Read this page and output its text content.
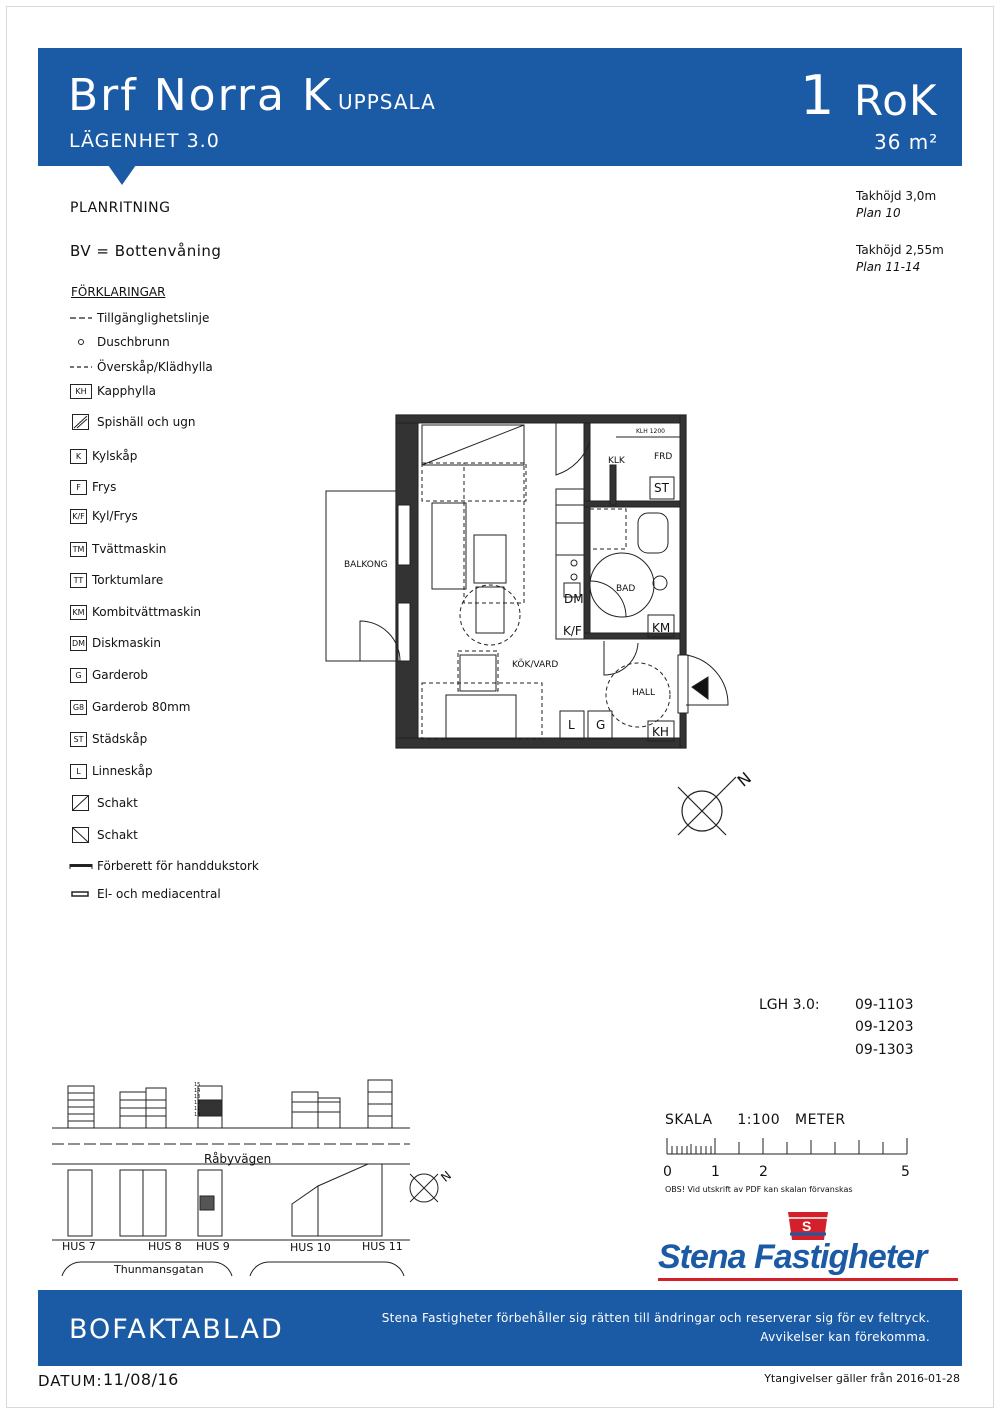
Brf Norra K UPPSALA
LÄGENHET 3.0
1 RoK
36 m²
PLANRITNING
BV = Bottenvåning
Takhöjd 3,0m
Plan 10
Takhöjd 2,55m
Plan 11-14
FÖRKLARINGAR
Tillgänglighetslinje
Duschbrunn
Överskåp/Klädhylla
KH Kapphylla
Spishäll och ugn
K Kylskåp
F Frys
K/F Kyl/Frys
TM Tvättmaskin
TT Torktumlare
KM Kombitvättmaskin
DM Diskmaskin
G Garderob
G8 Garderob 80mm
ST Städskåp
L Linneskåp
Schakt
Schakt
Förberett för handdukstork
El- och mediacentral
BALKONG
KLK	FRD
KLH 1200
BAD
KÖK/VARD
HALL
ST
DM
K/F	KM
L G	KH
N
LGH 3.0:	09-1103
09-1203
09-1303
15
14
13
12
11
10
Råbyvägen
HUS 7	HUS 8 HUS 9	HUS 10	HUS 11
Thunmansgatan
N
SKALA     1:100   METER
0	1	2	5
OBS! Vid utskrift av PDF kan skalan förvanskas
S
Stena Fastigheter
BOFAKTABLAD	Stena Fastigheter förbehåller sig rätten till ändringar och reserverar sig för ev feltryck.
Avvikelser kan förekomma.
DATUM: 11/08/16	Ytangivelser gäller från 2016-01-28
